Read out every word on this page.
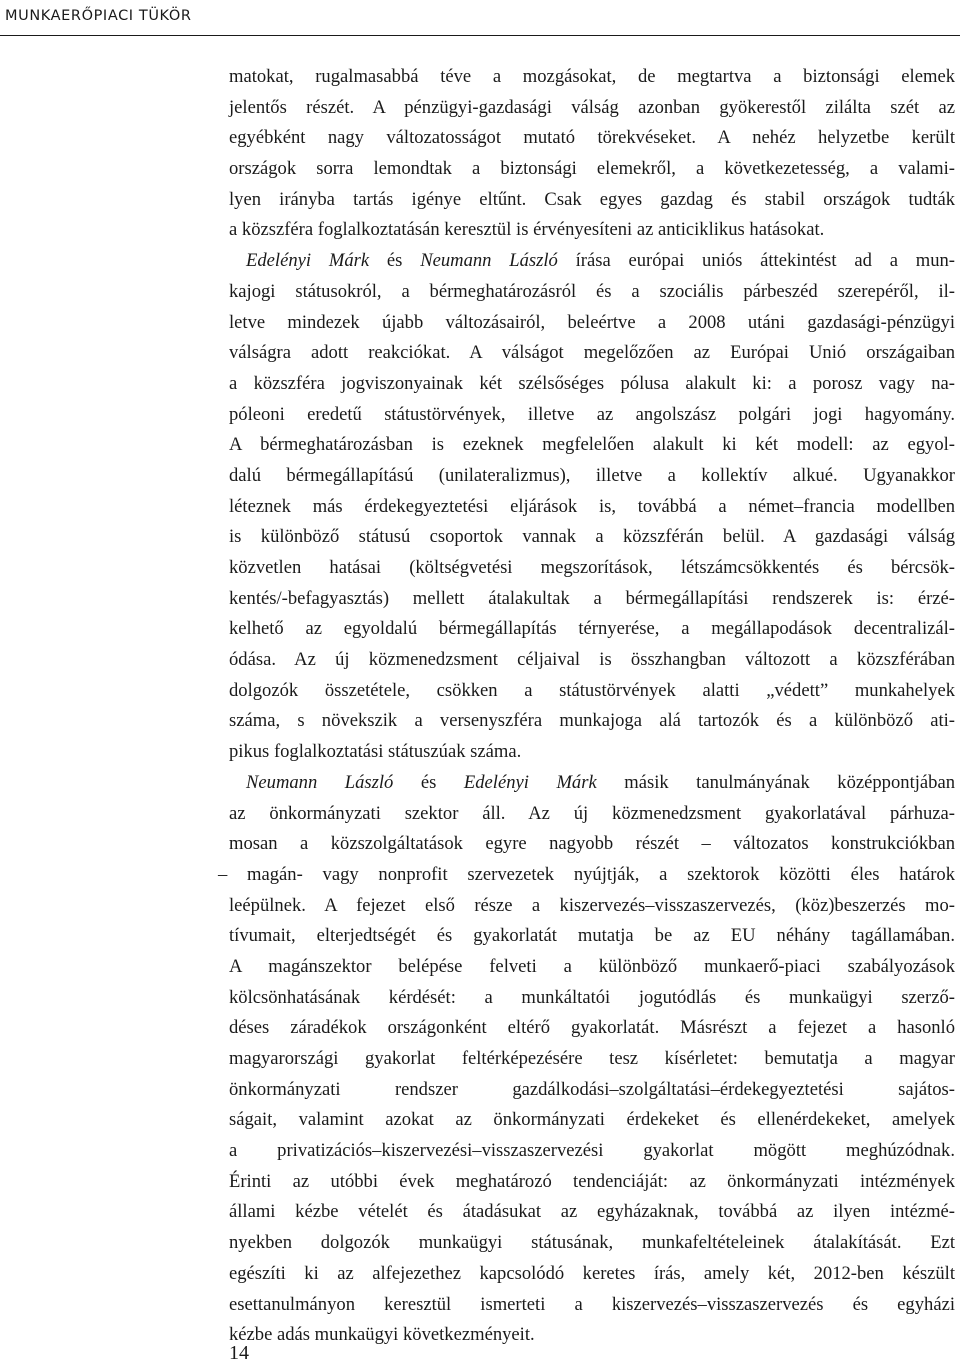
MUNKAERŐPIACI TÜKÖR
matokat, rugalmasabbá téve a mozgásokat, de megtartva a biztonsági elemek
jelentős részét. A pénzügyi-gazdasági válság azonban gyökerestől zilálta szét az
egyébként nagy változatosságot mutató törekvéseket. A nehéz helyzetbe került
országok sorra lemondtak a biztonsági elemekről, a következetesség, a valami-
lyen irányba tartás igénye eltűnt. Csak egyes gazdag és stabil országok tudták
a közszféra foglalkoztatásán keresztül is érvényesíteni az anticiklikus hatásokat.
Edelényi Márk és Neumann László írása európai uniós áttekintést ad a mun-
kajogi státusokról, a bérmeghatározásról és a szociális párbeszéd szerepéről, il-
letve mindezek újabb változásairól, beleértve a 2008 utáni gazdasági-pénzügyi
válságra adott reakciókat. A válságot megelőzően az Európai Unió országaiban
a közszféra jogviszonyainak két szélsőséges pólusa alakult ki: a porosz vagy na-
póleoni eredetű státustörvények, illetve az angolszász polgári jogi hagyomány.
A bérmeghatározásban is ezeknek megfelelően alakult ki két modell: az egyol-
dalú bérmegállapítású (unilateralizmus), illetve a kollektív alkué. Ugyanakkor
léteznek más érdekegyeztetési eljárások is, továbbá a német–francia modellben
is különböző státusú csoportok vannak a közszférán belül. A gazdasági válság
közvetlen hatásai (költségvetési megszorítások, létszámcsökkentés és bércsök-
kentés/-befagyasztás) mellett átalakultak a bérmegállapítási rendszerek is: érzé-
kelhető az egyoldalú bérmegállapítás térnyerése, a megállapodások decentralizál-
ódása. Az új közmenedzsment céljaival is összhangban változott a közszférában
dolgozók összetétele, csökken a státustörvények alatti „védett” munkahelyek
száma, s növekszik a versenyszféra munkajoga alá tartozók és a különböző ati-
pikus foglalkoztatási státuszúak száma.
Neumann László és Edelényi Márk másik tanulmányának középpontjában
az önkormányzati szektor áll. Az új közmenedzsment gyakorlatával párhuza-
mosan a közszolgáltatások egyre nagyobb részét – változatos konstrukciókban
– magán- vagy nonprofit szervezetek nyújtják, a szektorok közötti éles határok
leépülnek. A fejezet első része a kiszervezés–visszaszervezés, (köz)beszerzés mo-
tívumait, elterjedtségét és gyakorlatát mutatja be az EU néhány tagállamában.
A magánszektor belépése felveti a különböző munkaerő-piaci szabályozások
kölcsönhatásának kérdését: a munkáltatói jogutódlás és munkaügyi szerző-
déses záradékok országonként eltérő gyakorlatát. Másrészt a fejezet a hasonló
magyarországi gyakorlat feltérképezésére tesz kísérletet: bemutatja a magyar
önkormányzati rendszer gazdálkodási–szolgáltatási–érdekegyeztetési sajátos-
ságait, valamint azokat az önkormányzati érdekeket és ellenérdekeket, amelyek
a privatizációs–kiszervezési–visszaszervezési gyakorlat mögött meghúzódnak.
Érinti az utóbbi évek meghatározó tendenciáját: az önkormányzati intézmények
állami kézbe vételét és átadásukat az egyházaknak, továbbá az ilyen intézmé-
nyekben dolgozók munkaügyi státusának, munkafeltételeinek átalakítását. Ezt
egészíti ki az alfejezethez kapcsolódó keretes írás, amely két, 2012-ben készült
esettanulmányon keresztül ismerteti a kiszervezés–visszaszervezés és egyházi
kézbe adás munkaügyi következményeit.
14
